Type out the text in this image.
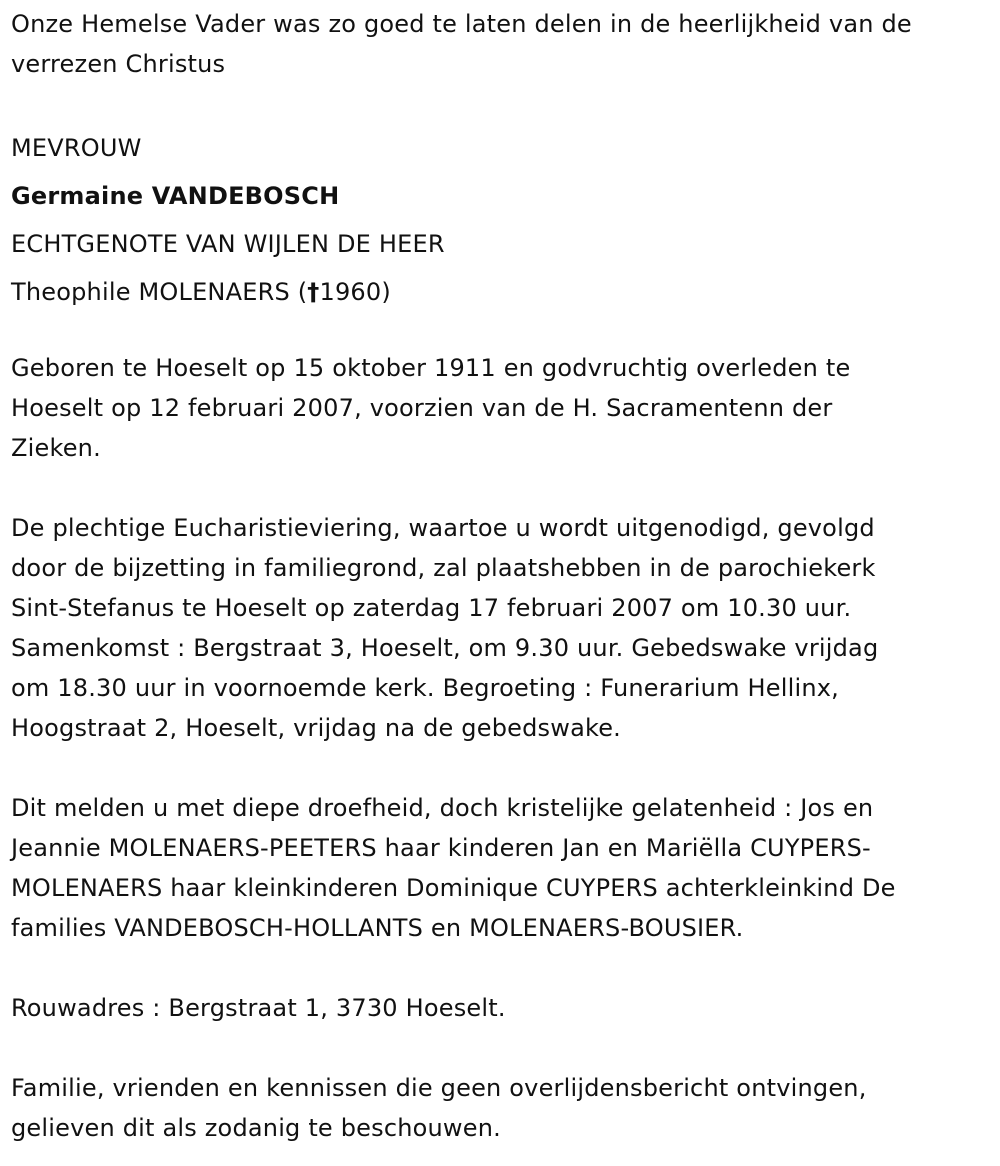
Onze Hemelse Vader was zo goed te laten delen in de heerlijkheid van de
verrezen Christus
MEVROUW
Germaine VANDEBOSCH
ECHTGENOTE VAN WIJLEN DE HEER
Theophile MOLENAERS (†1960)
Geboren te Hoeselt op 15 oktober 1911 en godvruchtig overleden te
Hoeselt op 12 februari 2007, voorzien van de H. Sacramentenn der
Zieken.
De plechtige Eucharistieviering, waartoe u wordt uitgenodigd, gevolgd
door de bijzetting in familiegrond, zal plaatshebben in de parochiekerk
Sint-Stefanus te Hoeselt op zaterdag 17 februari 2007 om 10.30 uur.
Samenkomst : Bergstraat 3, Hoeselt, om 9.30 uur. Gebedswake vrijdag
om 18.30 uur in voornoemde kerk. Begroeting : Funerarium Hellinx,
Hoogstraat 2, Hoeselt, vrijdag na de gebedswake.
Dit melden u met diepe droefheid, doch kristelijke gelatenheid : Jos en
Jeannie MOLENAERS-PEETERS haar kinderen Jan en Mariëlla CUYPERS-
MOLENAERS haar kleinkinderen Dominique CUYPERS achterkleinkind De
families VANDEBOSCH-HOLLANTS en MOLENAERS-BOUSIER.
Rouwadres : Bergstraat 1, 3730 Hoeselt.
Familie, vrienden en kennissen die geen overlijdensbericht ontvingen,
gelieven dit als zodanig te beschouwen.
